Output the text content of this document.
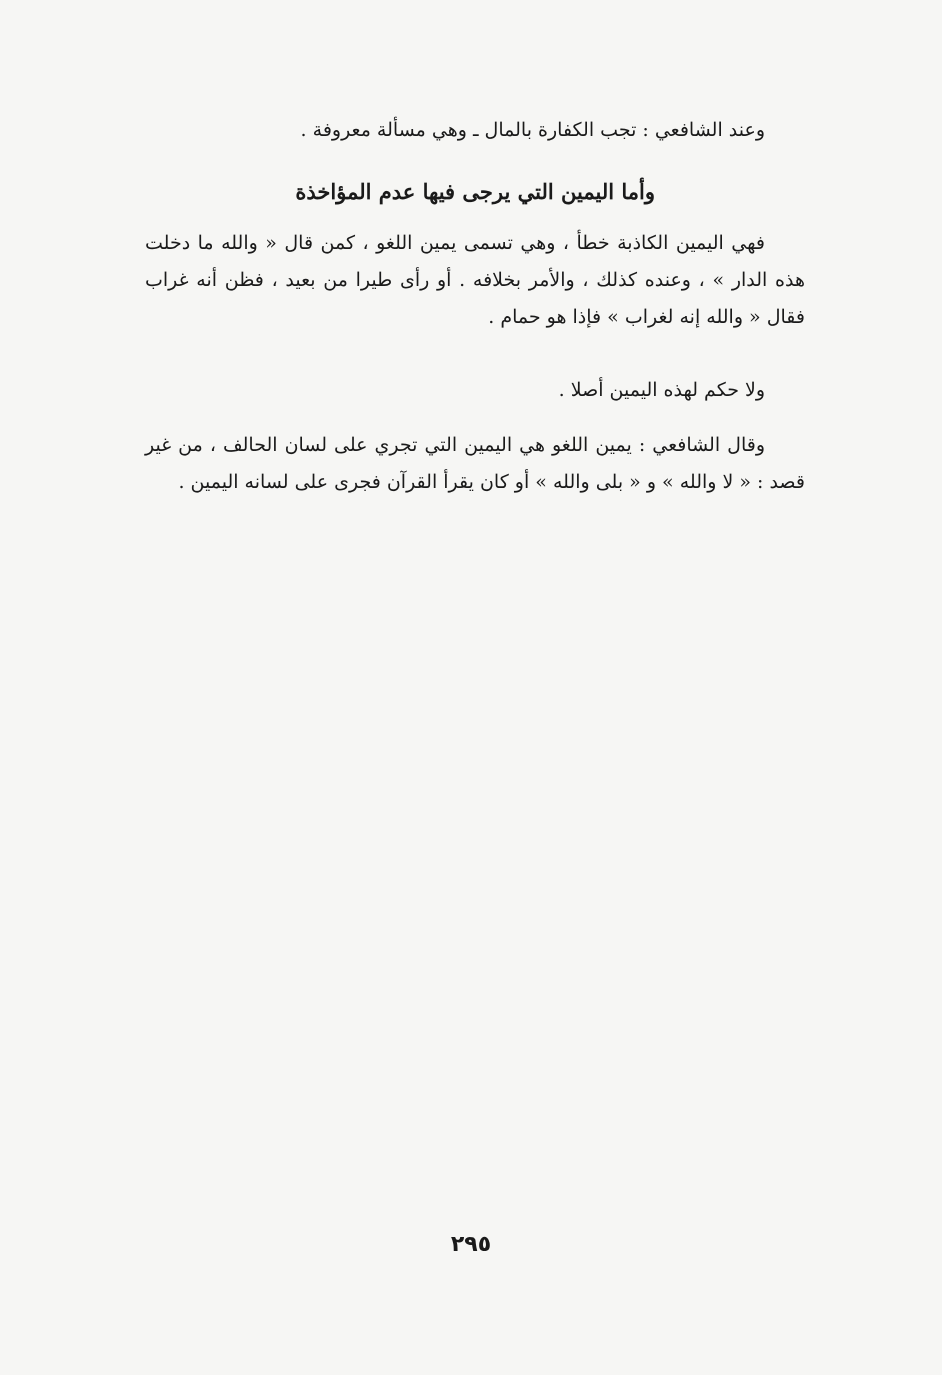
وعند الشافعي : تجب الكفارة بالمال ـ وهي مسألة معروفة .
وأما اليمين التي يرجى فيها عدم المؤاخذة
فهي اليمين الكاذبة خطأ ، وهي تسمى يمين اللغو ، كمن قال « والله ما دخلت هذه الدار » ، وعنده كذلك ، والأمر بخلافه . أو رأى طيرا من بعيد ، فظن أنه غراب فقال « والله إنه لغراب » فإذا هو حمام .
ولا حكم لهذه اليمين أصلا .
وقال الشافعي : يمين اللغو هي اليمين التي تجري على لسان الحالف ، من غير قصد : « لا والله » و « بلى والله » أو كان يقرأ القرآن فجرى على لسانه اليمين .
٢٩٥
